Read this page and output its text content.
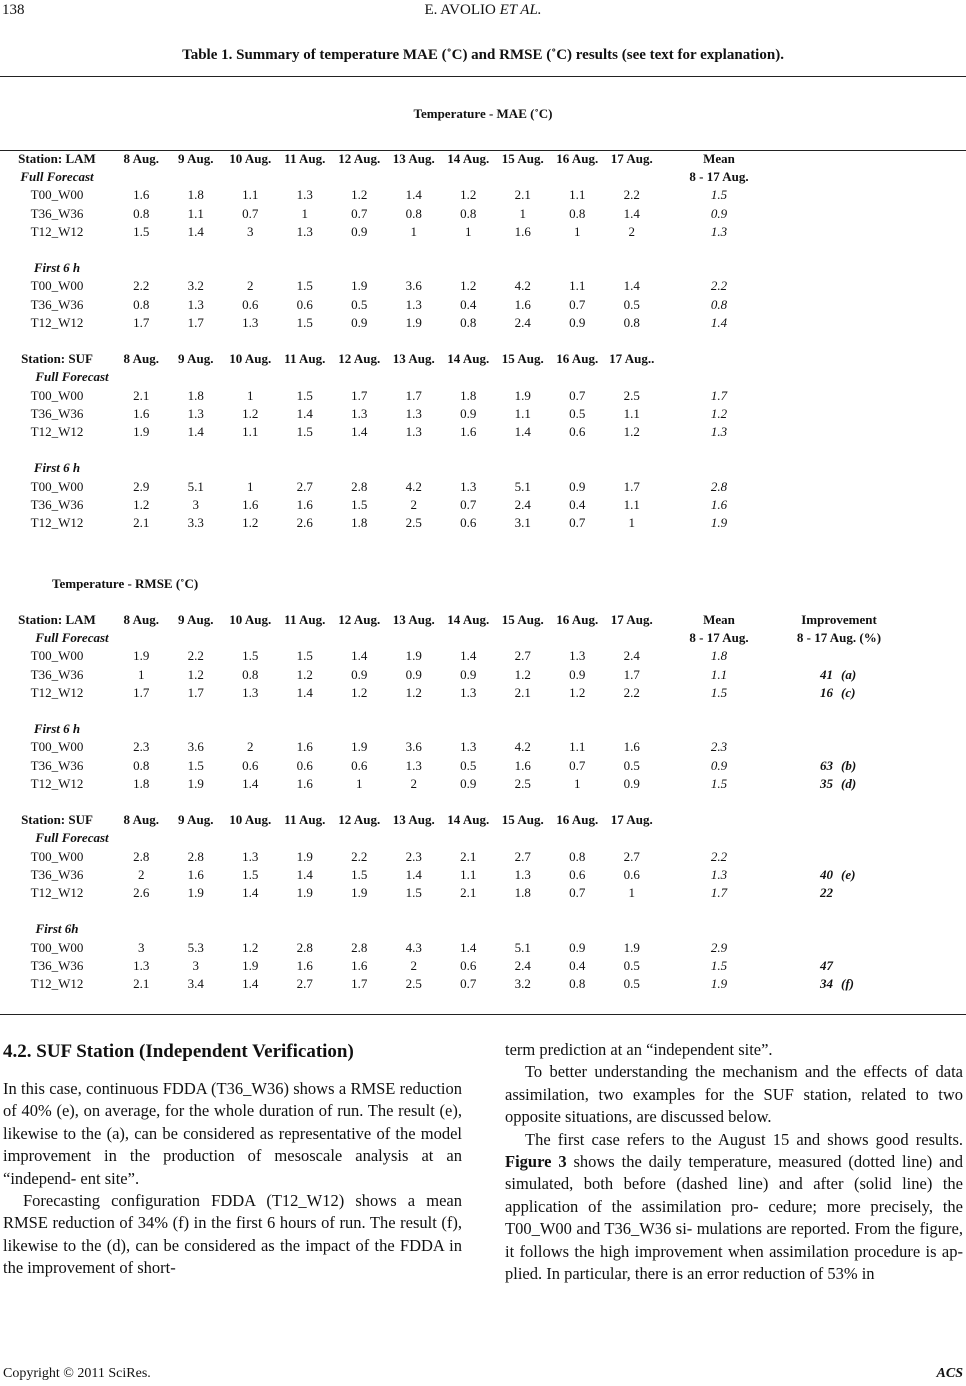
138	E. AVOLIO ET AL.
Table 1. Summary of temperature MAE (˚C) and RMSE (˚C) results (see text for explanation).
Temperature - MAE (˚C)
Station: LAM	8 Aug.	9 Aug.	10 Aug.	11 Aug.	12 Aug.	13 Aug.	14 Aug.	15 Aug.	16 Aug.	17 Aug.	Mean
Full Forecast											8 - 17 Aug.
T00_W00	1.6	1.8	1.1	1.3	1.2	1.4	1.2	2.1	1.1	2.2	1.5
T36_W36	0.8	1.1	0.7	1	0.7	0.8	0.8	1	0.8	1.4	0.9
T12_W12	1.5	1.4	3	1.3	0.9	1	1	1.6	1	2	1.3

First 6 h											
T00_W00	2.2	3.2	2	1.5	1.9	3.6	1.2	4.2	1.1	1.4	2.2
T36_W36	0.8	1.3	0.6	0.6	0.5	1.3	0.4	1.6	0.7	0.5	0.8
T12_W12	1.7	1.7	1.3	1.5	0.9	1.9	0.8	2.4	0.9	0.8	1.4

Station: SUF	8 Aug.	9 Aug.	10 Aug.	11 Aug.	12 Aug.	13 Aug.	14 Aug.	15 Aug.	16 Aug.	17 Aug..	
Full Forecast											
T00_W00	2.1	1.8	1	1.5	1.7	1.7	1.8	1.9	0.7	2.5	1.7
T36_W36	1.6	1.3	1.2	1.4	1.3	1.3	0.9	1.1	0.5	1.1	1.2
T12_W12	1.9	1.4	1.1	1.5	1.4	1.3	1.6	1.4	0.6	1.2	1.3

First 6 h											
T00_W00	2.9	5.1	1	2.7	2.8	4.2	1.3	5.1	0.9	1.7	2.8
T36_W36	1.2	3	1.6	1.6	1.5	2	0.7	2.4	0.4	1.1	1.6
T12_W12	2.1	3.3	1.2	2.6	1.8	2.5	0.6	3.1	0.7	1	1.9
Temperature - RMSE (˚C)
Station: LAM	8 Aug.	9 Aug.	10 Aug.	11 Aug.	12 Aug.	13 Aug.	14 Aug.	15 Aug.	16 Aug.	17 Aug.	Mean	Improvement	
Full Forecast											8 - 17 Aug.	8 - 17 Aug. (%)	
T00_W00	1.9	2.2	1.5	1.5	1.4	1.9	1.4	2.7	1.3	2.4	1.8		
T36_W36	1	1.2	0.8	1.2	0.9	0.9	0.9	1.2	0.9	1.7	1.1	41	(a)
T12_W12	1.7	1.7	1.3	1.4	1.2	1.2	1.3	2.1	1.2	2.2	1.5	16	(c)

First 6 h													
T00_W00	2.3	3.6	2	1.6	1.9	3.6	1.3	4.2	1.1	1.6	2.3		
T36_W36	0.8	1.5	0.6	0.6	0.6	1.3	0.5	1.6	0.7	0.5	0.9	63	(b)
T12_W12	1.8	1.9	1.4	1.6	1	2	0.9	2.5	1	0.9	1.5	35	(d)

Station: SUF	8 Aug.	9 Aug.	10 Aug.	11 Aug.	12 Aug.	13 Aug.	14 Aug.	15 Aug.	16 Aug.	17 Aug.			
Full Forecast													
T00_W00	2.8	2.8	1.3	1.9	2.2	2.3	2.1	2.7	0.8	2.7	2.2		
T36_W36	2	1.6	1.5	1.4	1.5	1.4	1.1	1.3	0.6	0.6	1.3	40	(e)
T12_W12	2.6	1.9	1.4	1.9	1.9	1.5	2.1	1.8	0.7	1	1.7	22	

First 6h													
T00_W00	3	5.3	1.2	2.8	2.8	4.3	1.4	5.1	0.9	1.9	2.9		
T36_W36	1.3	3	1.9	1.6	1.6	2	0.6	2.4	0.4	0.5	1.5	47	
T12_W12	2.1	3.4	1.4	2.7	1.7	2.5	0.7	3.2	0.8	0.5	1.9	34	(f)
4.2. SUF Station (Independent Verification)

In this case, continuous FDDA (T36_W36) shows a RMSE reduction of 40% (e), on average, for the whole duration of run. The result (e), likewise to the (a), can be considered as representative of the model improvement in the production of mesoscale analysis at an “independ- ent site”.

Forecasting configuration FDDA (T12_W12) shows a mean RMSE reduction of 34% (f) in the first 6 hours of run. The result (f), likewise to the (d), can be considered as the impact of the FDDA in the improvement of short-

term prediction at an “independent site”.

To better understanding the mechanism and the effects of data assimilation, two examples for the SUF station, related to two opposite situations, are discussed below.

The first case refers to the August 15 and shows good results. Figure 3 shows the daily temperature, measured (dotted line) and simulated, both before (dashed line) and after (solid line) the application of the assimilation pro- cedure; more precisely, the T00_W00 and T36_W36 si- mulations are reported. From the figure, it follows the high improvement when assimilation procedure is ap- plied. In particular, there is an error reduction of 53% in

Copyright © 2011 SciRes.	ACS
